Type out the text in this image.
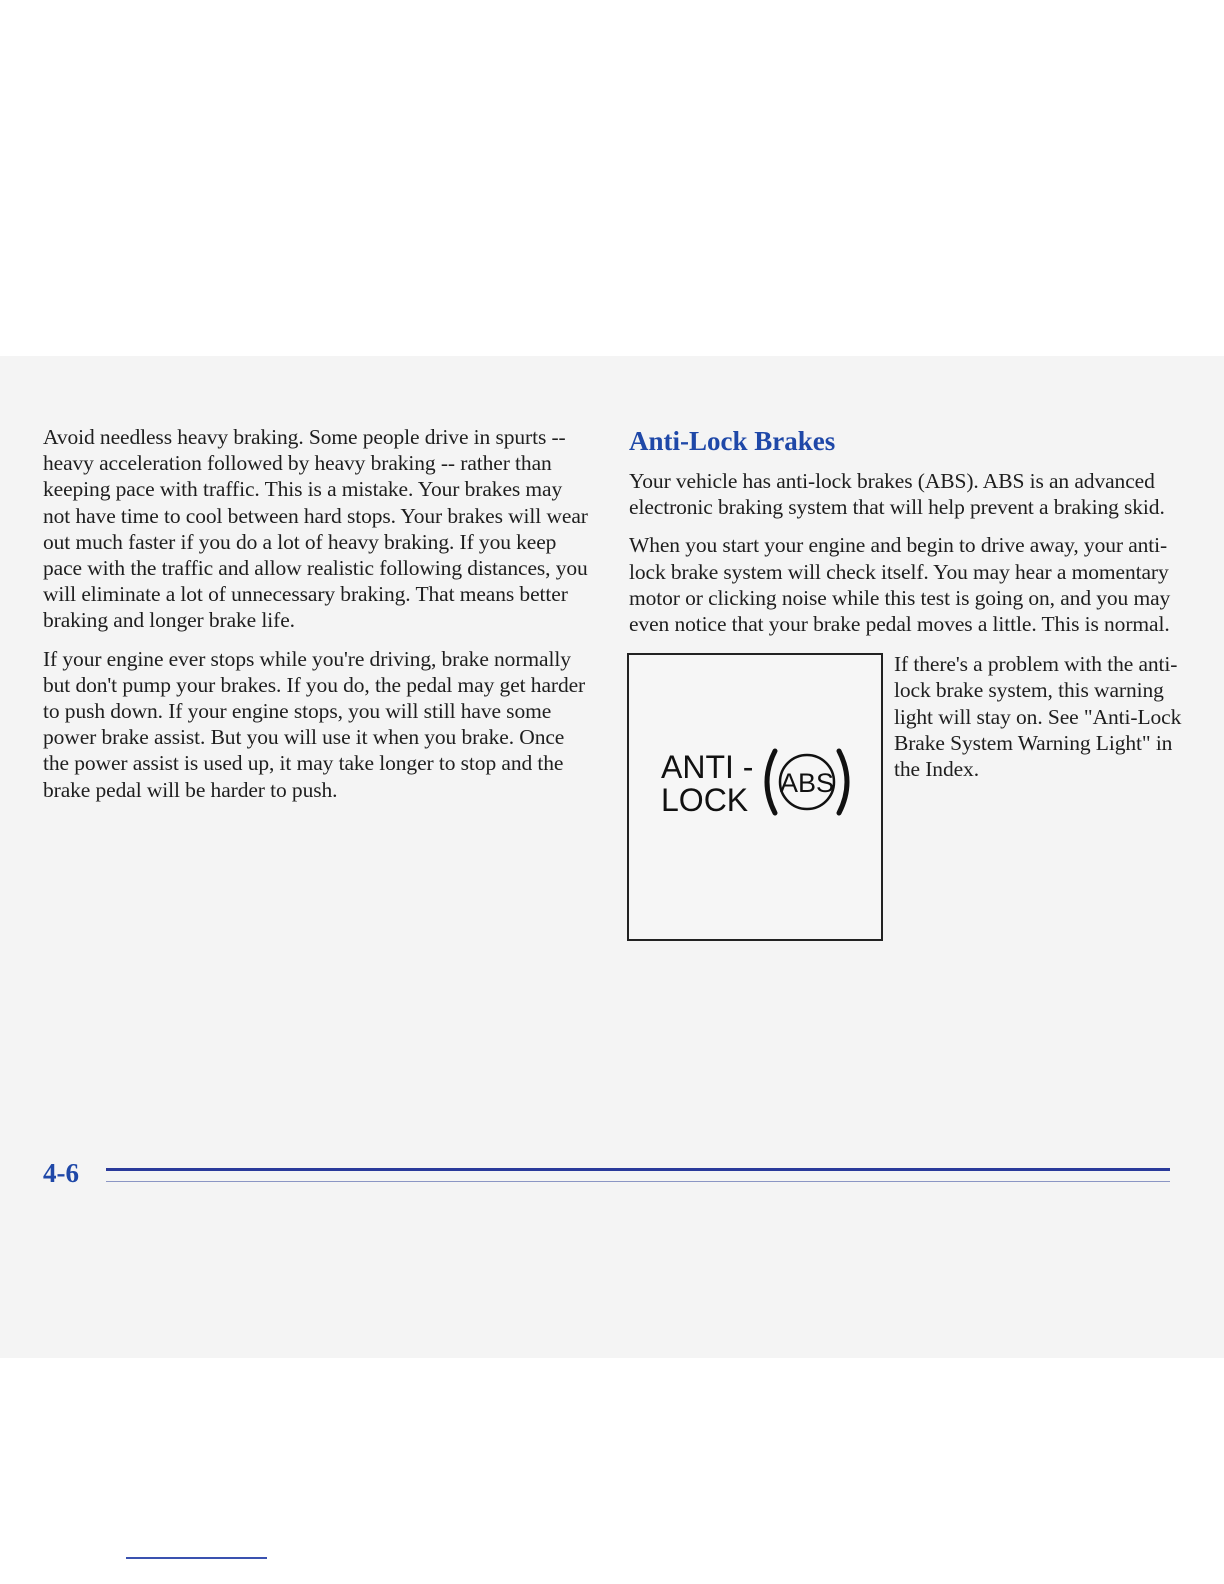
Avoid needless heavy braking. Some people drive in spurts -- heavy acceleration followed by heavy braking -- rather than keeping pace with traffic. This is a mistake. Your brakes may not have time to cool between hard stops. Your brakes will wear out much faster if you do a lot of heavy braking. If you keep pace with the traffic and allow realistic following distances, you will eliminate a lot of unnecessary braking. That means better braking and longer brake life.

If your engine ever stops while you're driving, brake normally but don't pump your brakes. If you do, the pedal may get harder to push down. If your engine stops, you will still have some power brake assist. But you will use it when you brake. Once the power assist is used up, it may take longer to stop and the brake pedal will be harder to push.

Anti-Lock Brakes

Your vehicle has anti-lock brakes (ABS). ABS is an advanced electronic braking system that will help prevent a braking skid.

When you start your engine and begin to drive away, your anti-lock brake system will check itself. You may hear a momentary motor or clicking noise while this test is going on, and you may even notice that your brake pedal moves a little. This is normal.

ANTI -
LOCK ABS

If there's a problem with the anti-lock brake system, this warning light will stay on. See "Anti-Lock Brake System Warning Light" in the Index.

4-6
